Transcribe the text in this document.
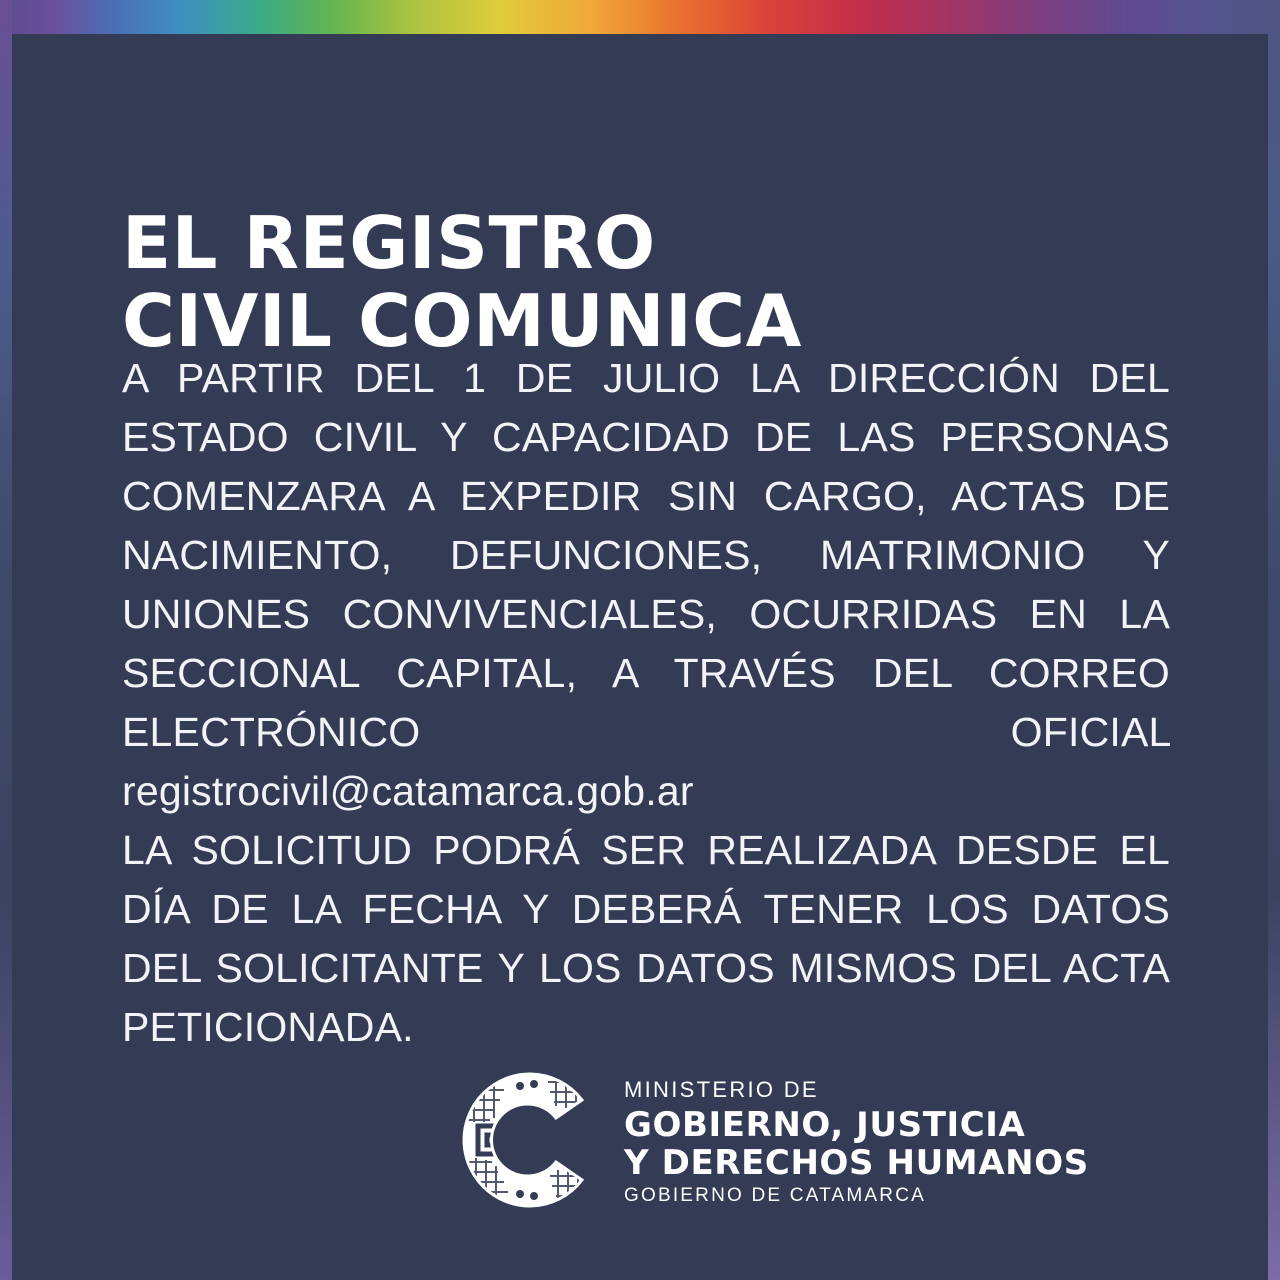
EL REGISTRO
CIVIL COMUNICA

A PARTIR DEL 1 DE JULIO LA DIRECCIÓN DEL ESTADO CIVIL Y CAPACIDAD DE LAS PERSONAS COMENZARA A EXPEDIR SIN CARGO, ACTAS DE NACIMIENTO, DEFUNCIONES, MATRIMONIO Y UNIONES CONVIVENCIALES, OCURRIDAS EN LA SECCIONAL CAPITAL, A TRAVÉS DEL CORREO ELECTRÓNICO OFICIAL registrocivil@catamarca.gob.ar

LA SOLICITUD PODRÁ SER REALIZADA DESDE EL DÍA DE LA FECHA Y DEBERÁ TENER LOS DATOS DEL SOLICITANTE Y LOS DATOS MISMOS DEL ACTA PETICIONADA.

MINISTERIO DE
GOBIERNO, JUSTICIA
Y DERECHOS HUMANOS
GOBIERNO DE CATAMARCA
